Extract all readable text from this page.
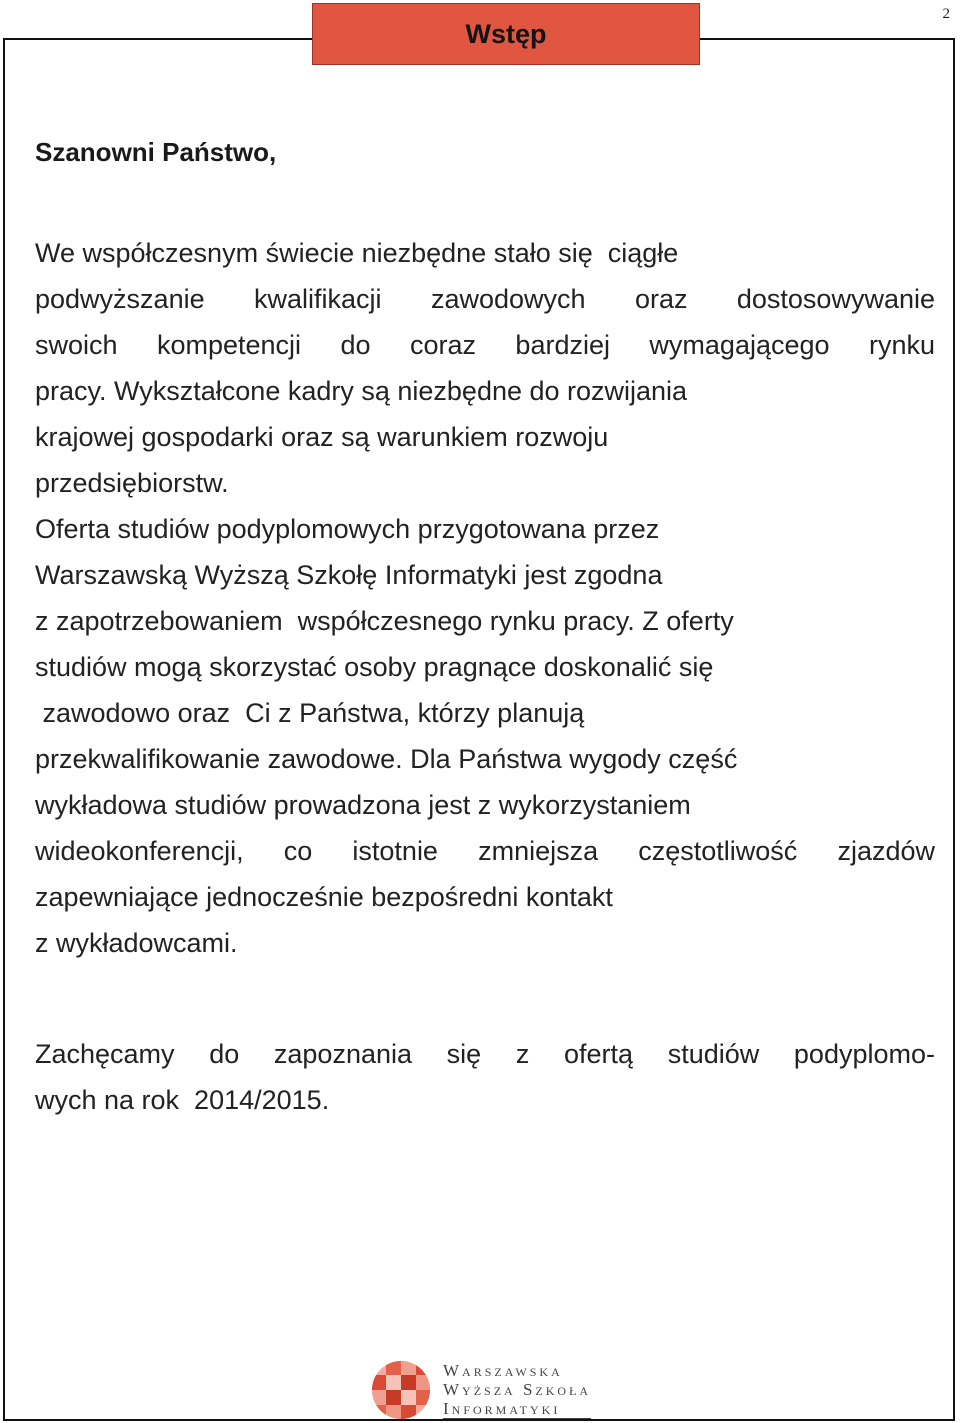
2
Wstęp
Szanowni Państwo,
We współczesnym świecie niezbędne stało się  ciągłe
podwyższanie kwalifikacji zawodowych oraz dostosowywanie
swoich kompetencji do coraz bardziej wymagającego rynku
pracy. Wykształcone kadry są niezbędne do rozwijania
krajowej gospodarki oraz są warunkiem rozwoju
przedsiębiorstw.
Oferta studiów podyplomowych przygotowana przez
Warszawską Wyższą Szkołę Informatyki jest zgodna
z zapotrzebowaniem  współczesnego rynku pracy. Z oferty
studiów mogą skorzystać osoby pragnące doskonalić się
zawodowo oraz  Ci z Państwa, którzy planują
przekwalifikowanie zawodowe. Dla Państwa wygody część
wykładowa studiów prowadzona jest z wykorzystaniem
wideokonferencji, co istotnie zmniejsza częstotliwość zjazdów
zapewniające jednocześnie bezpośredni kontakt
z wykładowcami.
Zachęcamy do zapoznania się z ofertą studiów podyplomo-
wych na rok  2014/2015.
Warszawska
Wyższa Szkoła
Informatyki
